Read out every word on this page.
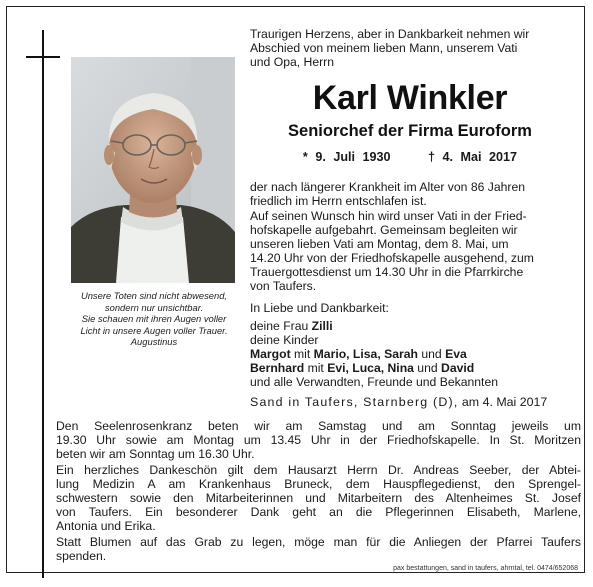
Unsere Toten sind nicht abwesend,
sondern nur unsichtbar.
Sie schauen mit ihren Augen voller
Licht in unsere Augen voller Trauer.
Augustinus
Traurigen Herzens, aber in Dankbarkeit nehmen wir
Abschied von meinem lieben Mann, unserem Vati
und Opa, Herrn
Karl Winkler
Seniorchef der Firma Euroform
* 9. Juli 1930	† 4. Mai 2017
der nach längerer Krankheit im Alter von 86 Jahren
friedlich im Herrn entschlafen ist.
Auf seinen Wunsch hin wird unser Vati in der Fried-
hofskapelle aufgebahrt. Gemeinsam begleiten wir
unseren lieben Vati am Montag, dem 8. Mai, um
14.20 Uhr von der Friedhofskapelle ausgehend, zum
Trauergottesdienst um 14.30 Uhr in die Pfarrkirche
von Taufers.
In Liebe und Dankbarkeit:
deine Frau Zilli
deine Kinder
Margot mit Mario, Lisa, Sarah und Eva
Bernhard mit Evi, Luca, Nina und David
und alle Verwandten, Freunde und Bekannten
Sand in Taufers, Starnberg (D), am 4. Mai 2017
Den Seelenrosenkranz beten wir am Samstag und am Sonntag jeweils um
19.30 Uhr sowie am Montag um 13.45 Uhr in der Friedhofskapelle. In St. Moritzen
beten wir am Sonntag um 16.30 Uhr.
Ein herzliches Dankeschön gilt dem Hausarzt Herrn Dr. Andreas Seeber, der Abtei-
lung Medizin A am Krankenhaus Bruneck, dem Hauspflegedienst, den Sprengel-
schwestern sowie den Mitarbeiterinnen und Mitarbeitern des Altenheimes St. Josef
von Taufers. Ein besonderer Dank geht an die Pflegerinnen Elisabeth, Marlene,
Antonia und Erika.
Statt Blumen auf das Grab zu legen, möge man für die Anliegen der Pfarrei Taufers
spenden.
pax bestattungen, sand in taufers, ahrntal, tel. 0474/652068
